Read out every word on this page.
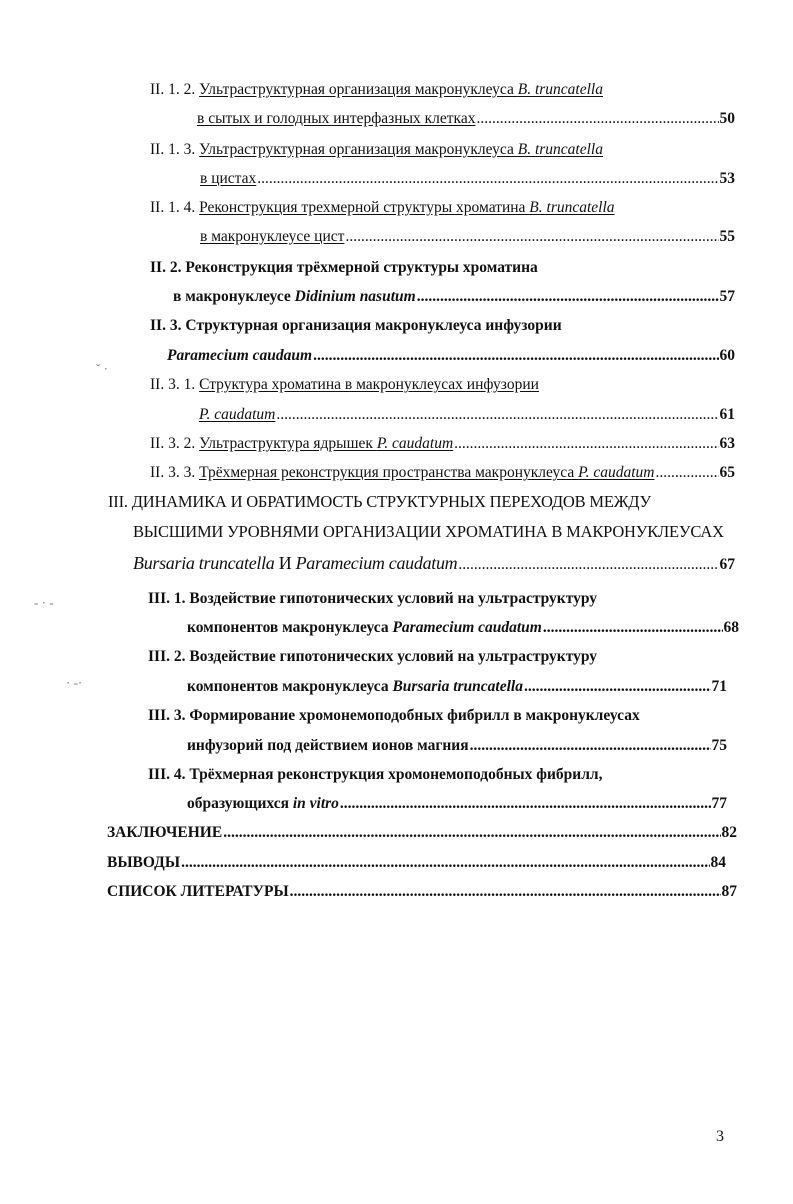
II. 1. 2. Ультраструктурная организация макронуклеуса B. truncatella
в сытых и голодных интерфазных клетках .....	50
II. 1. 3. Ультраструктурная организация макронуклеуса B. truncatella
в цистах .....	53
II. 1. 4. Реконструкция трехмерной структуры хроматина B. truncatella
в макронуклеусе цист .....	55
II. 2. Реконструкция трёхмерной структуры хроматина
в макронуклеусе Didinium nasutum .....	57
II. 3. Структурная организация макронуклеуса инфузории
Paramecium caudaum .....	60
II. 3. 1. Структура хроматина в макронуклеусах инфузории
P. caudatum .....	61
II. 3. 2. Ультраструктура ядрышек P. caudatum .....	63
II. 3. 3. Трёхмерная реконструкция пространства макронуклеуса P. caudatum .....	65
III. ДИНАМИКА И ОБРАТИМОСТЬ СТРУКТУРНЫХ ПЕРЕХОДОВ МЕЖДУ
ВЫСШИМИ УРОВНЯМИ ОРГАНИЗАЦИИ ХРОМАТИНА В МАКРОНУКЛЕУСАХ
Bursaria truncatella И Paramecium caudatum .....	67
III. 1. Воздействие гипотонических условий на ультраструктуру
компонентов макронуклеуса Paramecium caudatum .....	68
III. 2. Воздействие гипотонических условий на ультраструктуру
компонентов макронуклеуса Bursaria truncatella .....	71
III. 3. Формирование хромонемоподобных фибрилл в макронуклеусах
инфузорий под действием ионов магния .....	75
III. 4. Трёхмерная реконструкция хромонемоподобных фибрилл,
образующихся in vitro .....	77
ЗАКЛЮЧЕНИЕ .....	82
ВЫВОДЫ .....	84
СПИСОК ЛИТЕРАТУРЫ .....	87
ˇ ·
- · -
· -·
3
